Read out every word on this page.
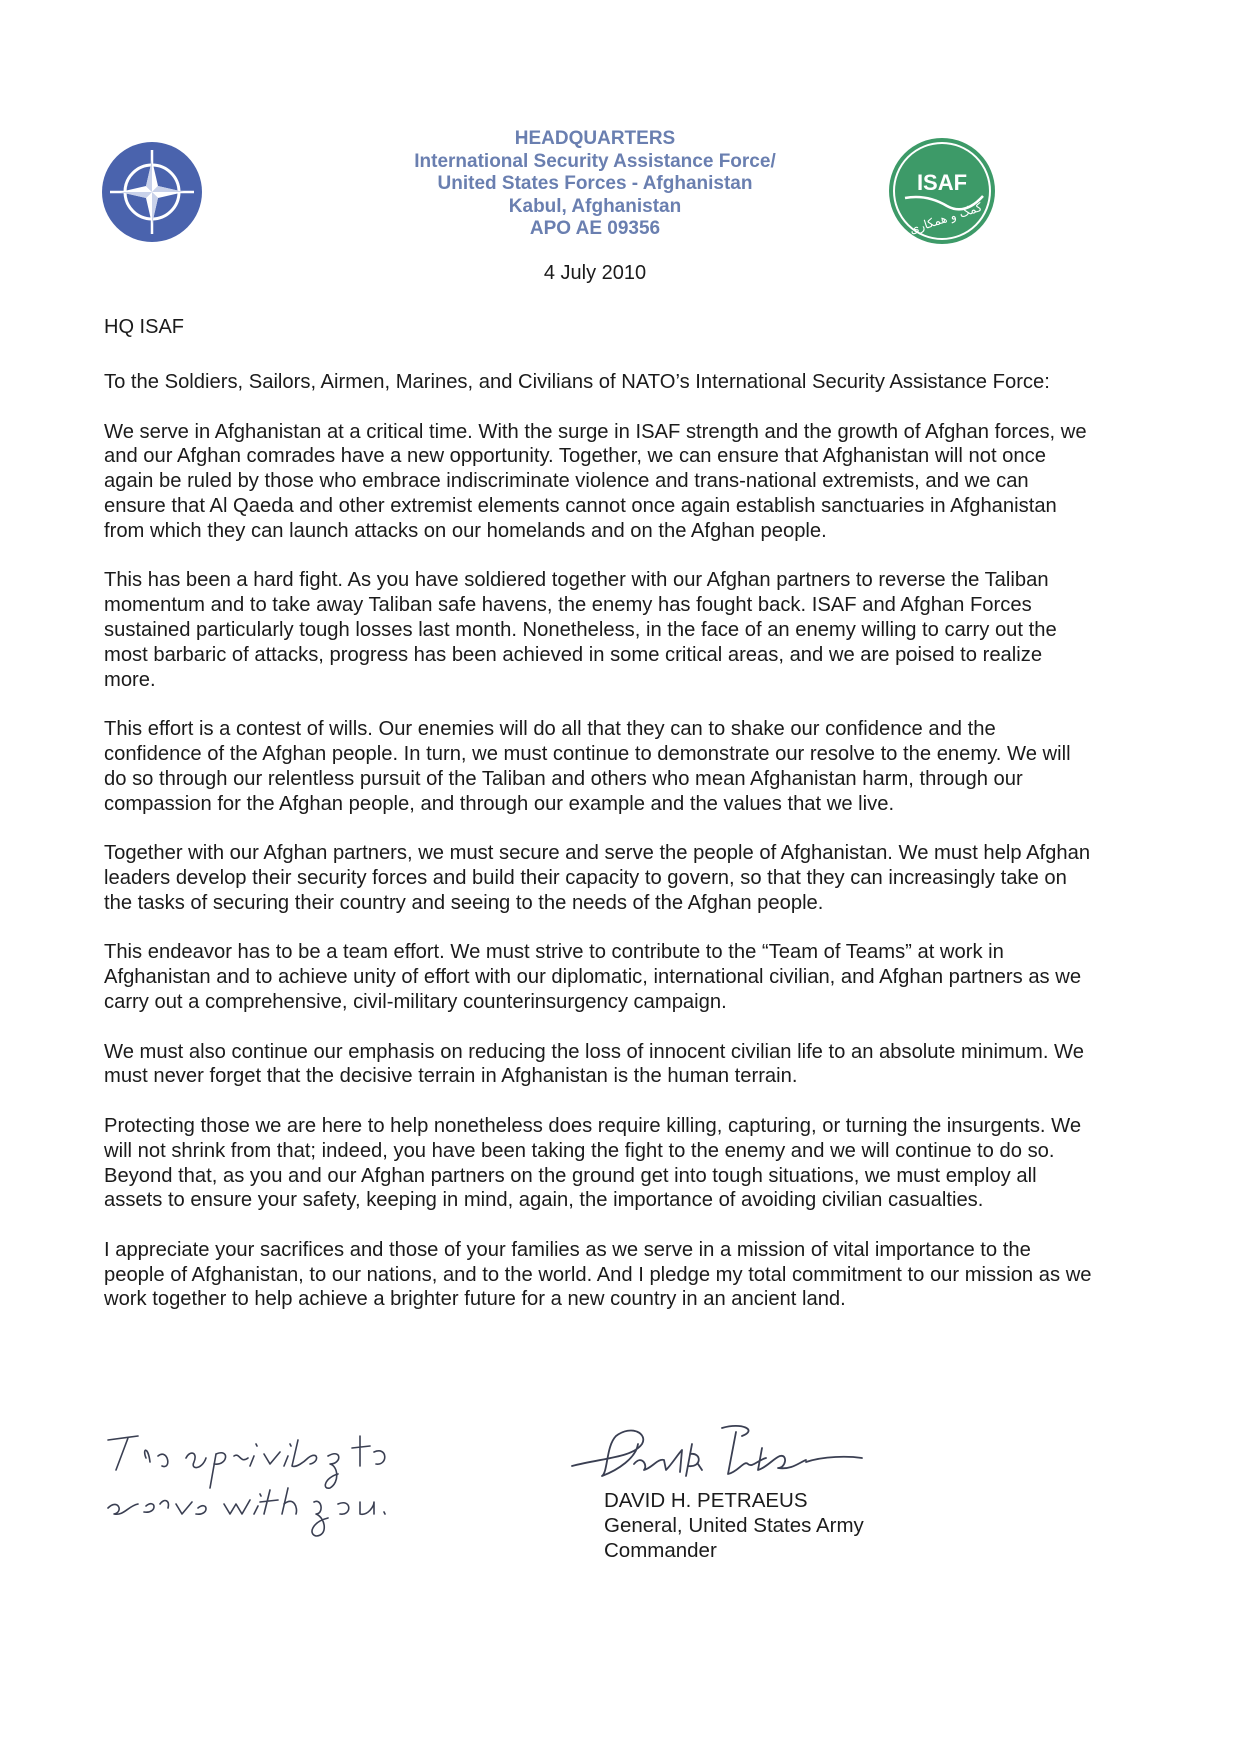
HEADQUARTERS
International Security Assistance Force/
United States Forces - Afghanistan
Kabul, Afghanistan
APO AE 09356
ISAF
کمک و همکاری
4 July 2010
HQ ISAF

To the Soldiers, Sailors, Airmen, Marines, and Civilians of NATO’s International Security Assistance Force:

We serve in Afghanistan at a critical time. With the surge in ISAF strength and the growth of Afghan forces, we and our Afghan comrades have a new opportunity. Together, we can ensure that Afghanistan will not once again be ruled by those who embrace indiscriminate violence and trans-national extremists, and we can ensure that Al Qaeda and other extremist elements cannot once again establish sanctuaries in Afghanistan from which they can launch attacks on our homelands and on the Afghan people.

This has been a hard fight. As you have soldiered together with our Afghan partners to reverse the Taliban momentum and to take away Taliban safe havens, the enemy has fought back. ISAF and Afghan Forces sustained particularly tough losses last month. Nonetheless, in the face of an enemy willing to carry out the most barbaric of attacks, progress has been achieved in some critical areas, and we are poised to realize more.

This effort is a contest of wills. Our enemies will do all that they can to shake our confidence and the confidence of the Afghan people. In turn, we must continue to demonstrate our resolve to the enemy. We will do so through our relentless pursuit of the Taliban and others who mean Afghanistan harm, through our compassion for the Afghan people, and through our example and the values that we live.

Together with our Afghan partners, we must secure and serve the people of Afghanistan. We must help Afghan leaders develop their security forces and build their capacity to govern, so that they can increasingly take on the tasks of securing their country and seeing to the needs of the Afghan people.

This endeavor has to be a team effort. We must strive to contribute to the “Team of Teams” at work in Afghanistan and to achieve unity of effort with our diplomatic, international civilian, and Afghan partners as we carry out a comprehensive, civil-military counterinsurgency campaign.

We must also continue our emphasis on reducing the loss of innocent civilian life to an absolute minimum. We must never forget that the decisive terrain in Afghanistan is the human terrain.

Protecting those we are here to help nonetheless does require killing, capturing, or turning the insurgents. We will not shrink from that; indeed, you have been taking the fight to the enemy and we will continue to do so. Beyond that, as you and our Afghan partners on the ground get into tough situations, we must employ all assets to ensure your safety, keeping in mind, again, the importance of avoiding civilian casualties.

I appreciate your sacrifices and those of your families as we serve in a mission of vital importance to the people of Afghanistan, to our nations, and to the world. And I pledge my total commitment to our mission as we work together to help achieve a brighter future for a new country in an ancient land.

DAVID H. PETRAEUS
General, United States Army
Commander
